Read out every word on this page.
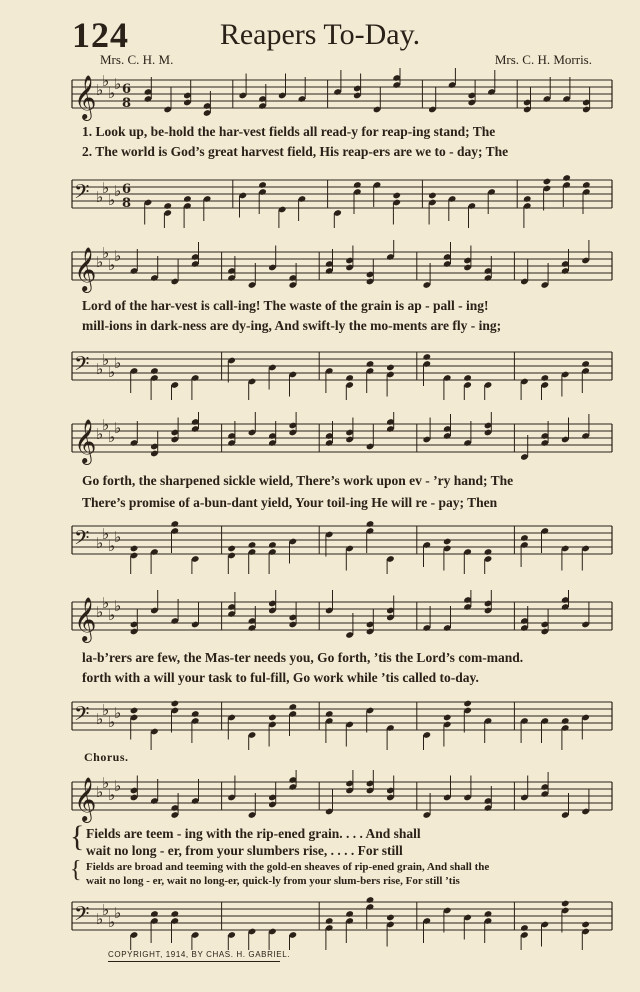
124	Reapers To-Day.
Mrs. C. H. M.	Mrs. C. H. Morris.
𝄞 ♭
♭
♭
♭ 6
8
1. Look up, be-hold the har-vest fields all read-y for reap-ing stand; The
2. The world is God’s great harvest field, His reap-ers are we to - day; The
𝄢 ♭
♭
♭
♭ 6
8
𝄞 ♭
♭
♭
♭
Lord of the har-vest is call-ing! The waste of the grain is ap - pall - ing!
mill-ions in dark-ness are dy-ing, And swift-ly the mo-ments are fly - ing;
𝄢 ♭
♭
♭
♭
𝄞 ♭
♭
♭
♭
Go forth, the sharpened sickle wield, There’s work upon ev - ’ry hand; The
There’s promise of a-bun-dant yield, Your toil-ing He will re - pay; Then
𝄢 ♭
♭
♭
♭
𝄞 ♭
♭
♭
♭
la-b’rers are few, the Mas-ter needs you, Go forth, ’tis the Lord’s com-mand.
forth with a will your task to ful-fill, Go work while ’tis called to-day.
𝄢 ♭
♭
♭
♭
Chorus.
𝄞 ♭
♭
♭
♭
{ Fields are teem - ing with the rip-ened grain. . . . And shall
wait no long - er, from your slumbers rise, . . . . For still
{ Fields are broad and teeming with the gold-en sheaves of rip-ened grain, And shall the
wait no long - er, wait no long-er, quick-ly from your slum-bers rise, For still ’tis
𝄢 ♭
♭
♭
♭
COPYRIGHT, 1914, BY CHAS. H. GABRIEL.
